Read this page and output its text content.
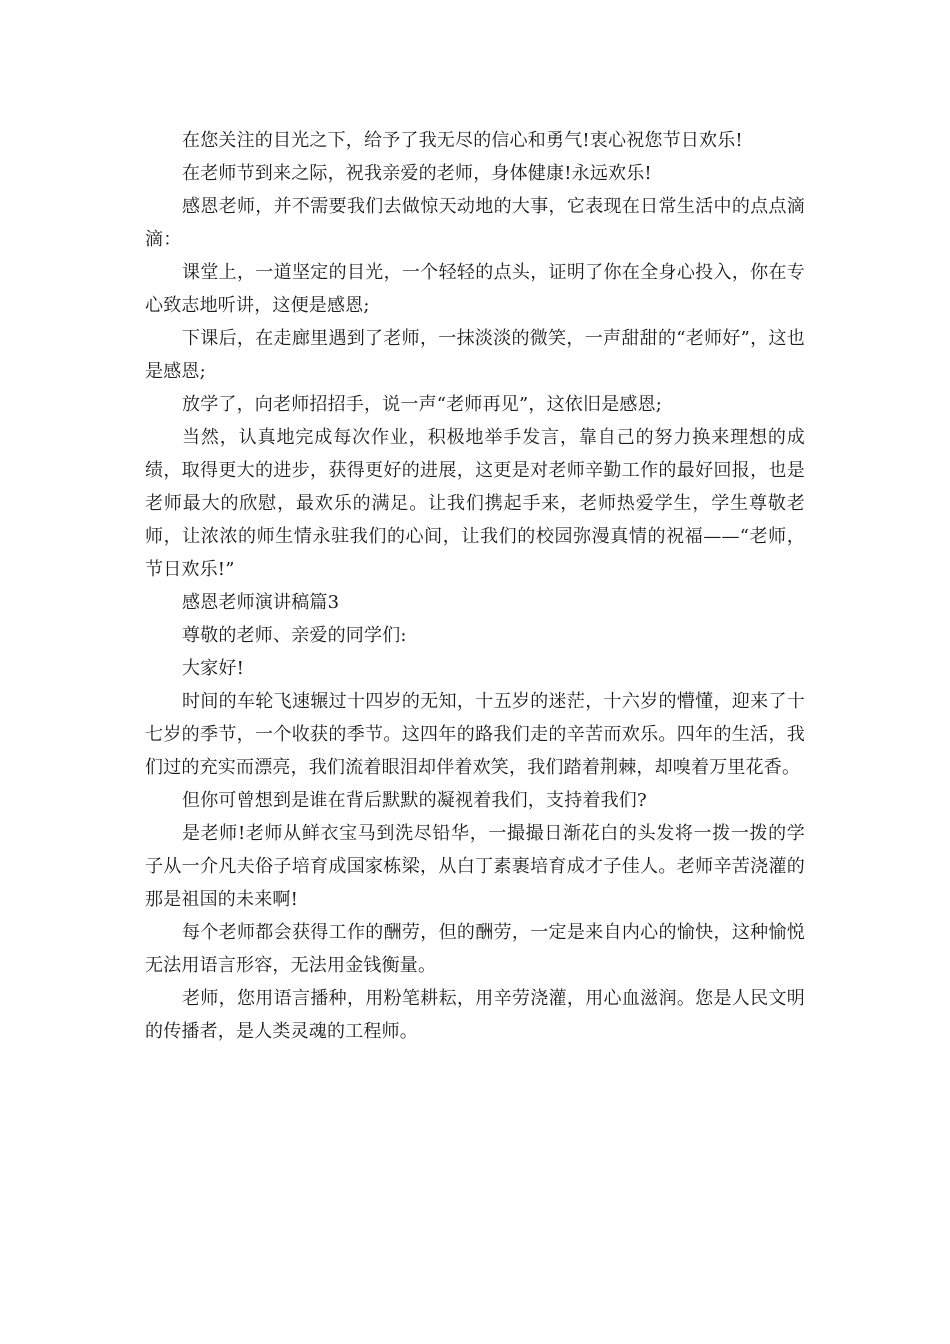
在您关注的目光之下，给予了我无尽的信心和勇气!衷心祝您节日欢乐!

在老师节到来之际，祝我亲爱的老师，身体健康!永远欢乐!

感恩老师，并不需要我们去做惊天动地的大事，它表现在日常生活中的点点滴滴：

课堂上，一道坚定的目光，一个轻轻的点头，证明了你在全身心投入，你在专心致志地听讲，这便是感恩;

下课后，在走廊里遇到了老师，一抹淡淡的微笑，一声甜甜的“老师好”，这也是感恩;

放学了，向老师招招手，说一声“老师再见”，这依旧是感恩;

当然，认真地完成每次作业，积极地举手发言，靠自己的努力换来理想的成绩，取得更大的进步，获得更好的进展，这更是对老师辛勤工作的最好回报，也是老师最大的欣慰，最欢乐的满足。让我们携起手来，老师热爱学生，学生尊敬老师，让浓浓的师生情永驻我们的心间，让我们的校园弥漫真情的祝福——“老师，节日欢乐!”

感恩老师演讲稿篇3

尊敬的老师、亲爱的同学们:

大家好!

时间的车轮飞速辗过十四岁的无知，十五岁的迷茫，十六岁的懵懂，迎来了十七岁的季节，一个收获的季节。这四年的路我们走的辛苦而欢乐。四年的生活，我们过的充实而漂亮，我们流着眼泪却伴着欢笑，我们踏着荆棘，却嗅着万里花香。

但你可曾想到是谁在背后默默的凝视着我们，支持着我们?

是老师!老师从鲜衣宝马到洗尽铅华，一撮撮日渐花白的头发将一拨一拨的学子从一介凡夫俗子培育成国家栋梁，从白丁素裹培育成才子佳人。老师辛苦浇灌的那是祖国的未来啊!

每个老师都会获得工作的酬劳，但的酬劳，一定是来自内心的愉快，这种愉悦无法用语言形容，无法用金钱衡量。

老师，您用语言播种，用粉笔耕耘，用辛劳浇灌，用心血滋润。您是人民文明的传播者，是人类灵魂的工程师。
